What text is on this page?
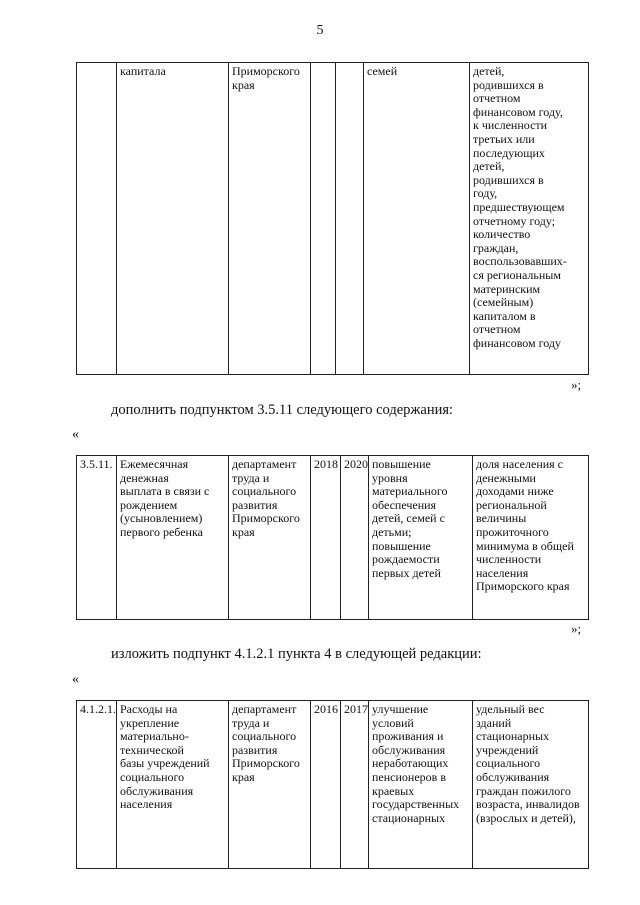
5
	капитала	Приморского
края			семей	детей,
родившихся в
отчетном
финансовом году,
к численности
третьих или
последующих
детей,
родившихся в
году,
предшествующем
отчетному году;
количество
граждан,
воспользовавших-
ся региональным
материнским
(семейным)
капиталом в
отчетном
финансовом году
»;
дополнить подпунктом 3.5.11 следующего содержания:
«
3.5.11.	Ежемесячная
денежная
выплата в связи с
рождением
(усыновлением)
первого ребенка	департамент
труда и
социального
развития
Приморского
края	2018	2020	повышение
уровня
материального
обеспечения
детей, семей с
детьми;
повышение
рождаемости
первых детей	доля населения с
денежными
доходами ниже
региональной
величины
прожиточного
минимума в общей
численности
населения
Приморского края
»;
изложить подпункт 4.1.2.1 пункта 4 в следующей редакции:
«
4.1.2.1.	Расходы на
укрепление
материально-
технической
базы учреждений
социального
обслуживания
населения	департамент
труда и
социального
развития
Приморского
края	2016	2017	улучшение
условий
проживания и
обслуживания
неработающих
пенсионеров в
краевых
государственных
стационарных	удельный вес
зданий
стационарных
учреждений
социального
обслуживания
граждан пожилого
возраста, инвалидов
(взрослых и детей),
